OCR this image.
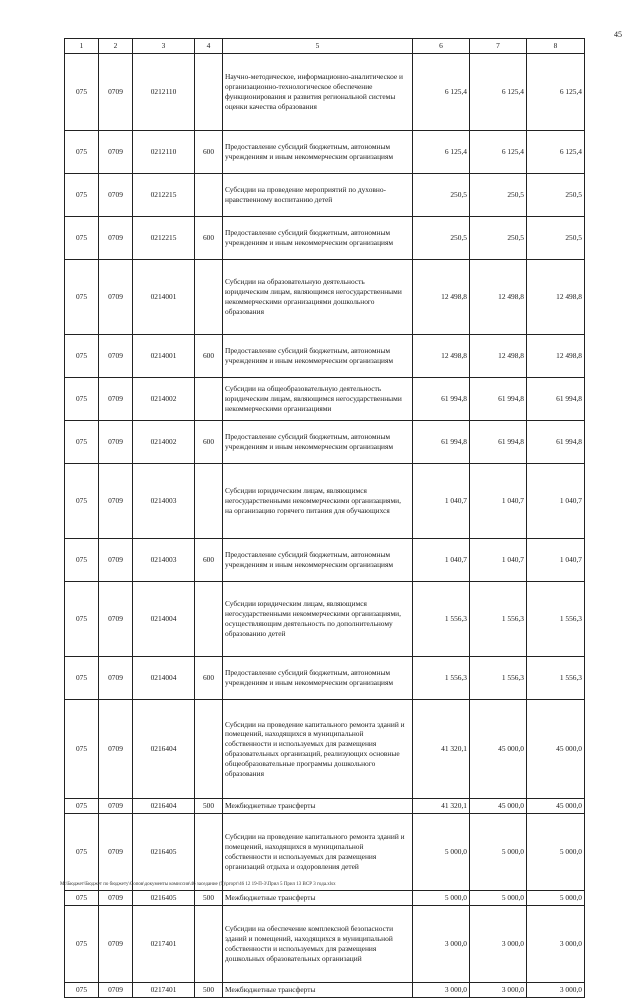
45
1	2	3	4	5	6	7	8
075	0709	0212110		Научно-методическое, информационно-аналитическое и организационно-технологическое обеспечение функционирования и развития региональной системы оценки качества образования	6 125,4	6 125,4	6 125,4
075	0709	0212110	600	Предоставление субсидий бюджетным, автономным учреждениям и иным некоммерческим организациям	6 125,4	6 125,4	6 125,4
075	0709	0212215		Субсидии на проведение мероприятий по духовно-нравственному воспитанию детей	250,5	250,5	250,5
075	0709	0212215	600	Предоставление субсидий бюджетным, автономным учреждениям и иным некоммерческим организациям	250,5	250,5	250,5
075	0709	0214001		Субсидии на образовательную деятельность юридическим лицам, являющимся негосударственными некоммерческими организациями дошкольного образования	12 498,8	12 498,8	12 498,8
075	0709	0214001	600	Предоставление субсидий бюджетным, автономным учреждениям и иным некоммерческим организациям	12 498,8	12 498,8	12 498,8
075	0709	0214002		Субсидии на общеобразовательную деятельность юридическим лицам, являющимся негосударственными некоммерческими организациями	61 994,8	61 994,8	61 994,8
075	0709	0214002	600	Предоставление субсидий бюджетным, автономным учреждениям и иным некоммерческим организациям	61 994,8	61 994,8	61 994,8
075	0709	0214003		Субсидии юридическим лицам, являющимся негосударственными некоммерческими организациями, на организацию горячего питания для обучающихся	1 040,7	1 040,7	1 040,7
075	0709	0214003	600	Предоставление субсидий бюджетным, автономным учреждениям и иным некоммерческим организациям	1 040,7	1 040,7	1 040,7
075	0709	0214004		Субсидии юридическим лицам, являющимся негосударственными некоммерческими организациями, осуществляющим деятельность по дополнительному образованию детей	1 556,3	1 556,3	1 556,3
075	0709	0214004	600	Предоставление субсидий бюджетным, автономным учреждениям и иным некоммерческим организациям	1 556,3	1 556,3	1 556,3
075	0709	0216404		Субсидии на проведение капитального ремонта зданий и помещений, находящихся в муниципальной собственности и используемых для размещения образовательных организаций, реализующих основные общеобразовательные программы дошкольного образования	41 320,1	45 000,0	45 000,0
075	0709	0216404	500	Межбюджетные трансферты	41 320,1	45 000,0	45 000,0
075	0709	0216405		Субсидии на проведение капитального ремонта зданий и помещений, находящихся в муниципальной собственности и используемых для размещения организаций отдыха и оздоровления детей	5 000,0	5 000,0	5 000,0
075	0709	0216405	500	Межбюджетные трансферты	5 000,0	5 000,0	5 000,0
075	0709	0217401		Субсидии на обеспечение комплексной безопасности зданий и помещений, находящихся в муниципальной собственности и используемых для размещения дошкольных образовательных организаций	3 000,0	3 000,0	3 000,0
075	0709	0217401	500	Межбюджетные трансферты	3 000,0	3 000,0	3 000,0
M:\Бюджет\Бюджет по бюджету\Сопов\документы комиссия\46 заседание (9)\ргорт\46 12 19-П-3\Прил 5 Прил 13 ВСР 3 года.xlsx
